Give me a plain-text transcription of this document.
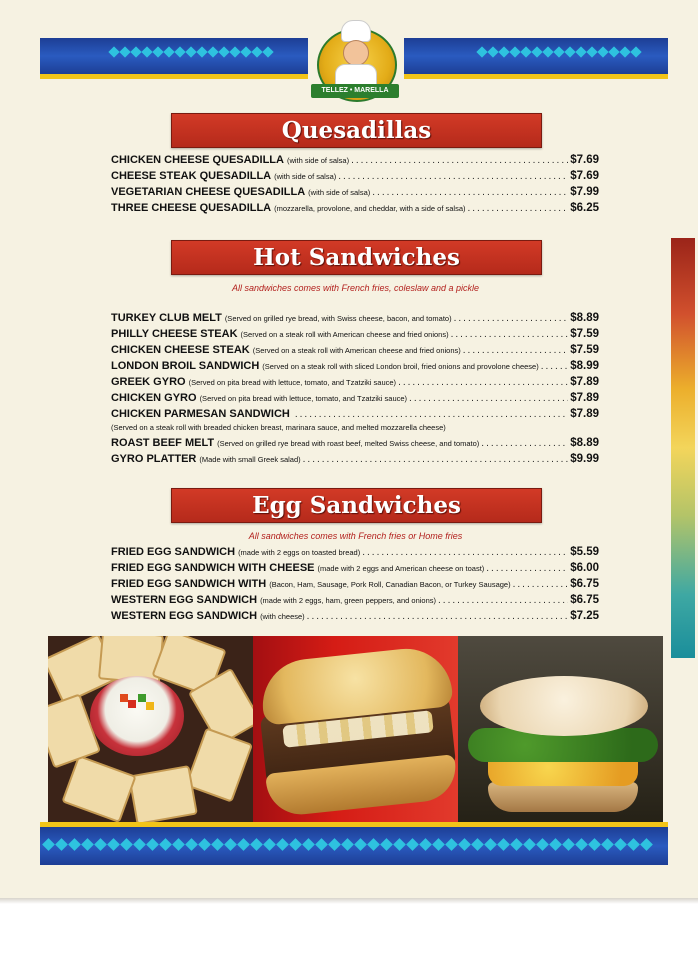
TELLEZ • MARELLA
Quesadillas
CHICKEN CHEESE QUESADILLA (with side of salsa) .....	$7.69
CHEESE STEAK QUESADILLA (with side of salsa) .....	$7.69
VEGETARIAN CHEESE QUESADILLA (with side of salsa) .....	$7.99
THREE CHEESE QUESADILLA (mozzarella, provolone, and cheddar, with a side of salsa) .....	$6.25
Hot Sandwiches
All sandwiches comes with French fries, coleslaw and a pickle
TURKEY CLUB MELT (Served on grilled rye bread, with Swiss cheese, bacon, and tomato) .....	$8.89
PHILLY CHEESE STEAK (Served on a steak roll with American cheese and fried onions) .....	$7.59
CHICKEN CHEESE STEAK (Served on a steak roll with American cheese and fried onions) .....	$7.59
LONDON BROIL SANDWICH (Served on a steak roll with sliced London broil, fried onions and provolone cheese) .....	$8.99
GREEK GYRO (Served on pita bread with lettuce, tomato, and Tzatziki sauce) .....	$7.89
CHICKEN GYRO (Served on pita bread with lettuce, tomato, and Tzatziki sauce) .....	$7.89
CHICKEN PARMESAN SANDWICH .....	$7.89
(Served on a steak roll with breaded chicken breast, marinara sauce, and melted mozzarella cheese)
ROAST BEEF MELT (Served on grilled rye bread with roast beef, melted Swiss cheese, and tomato) .....	$8.89
GYRO PLATTER (Made with small Greek salad) .....	$9.99
Egg Sandwiches
All sandwiches comes with French fries or Home fries
FRIED EGG SANDWICH (made with 2 eggs on toasted bread) .....	$5.59
FRIED EGG SANDWICH WITH CHEESE (made with 2 eggs and American cheese on toast) .....	$6.00
FRIED EGG SANDWICH WITH (Bacon, Ham, Sausage, Pork Roll, Canadian Bacon, or Turkey Sausage) .....	$6.75
WESTERN EGG SANDWICH (made with 2 eggs, ham, green peppers, and onions) .....	$6.75
WESTERN EGG SANDWICH (with cheese) .....	$7.25
